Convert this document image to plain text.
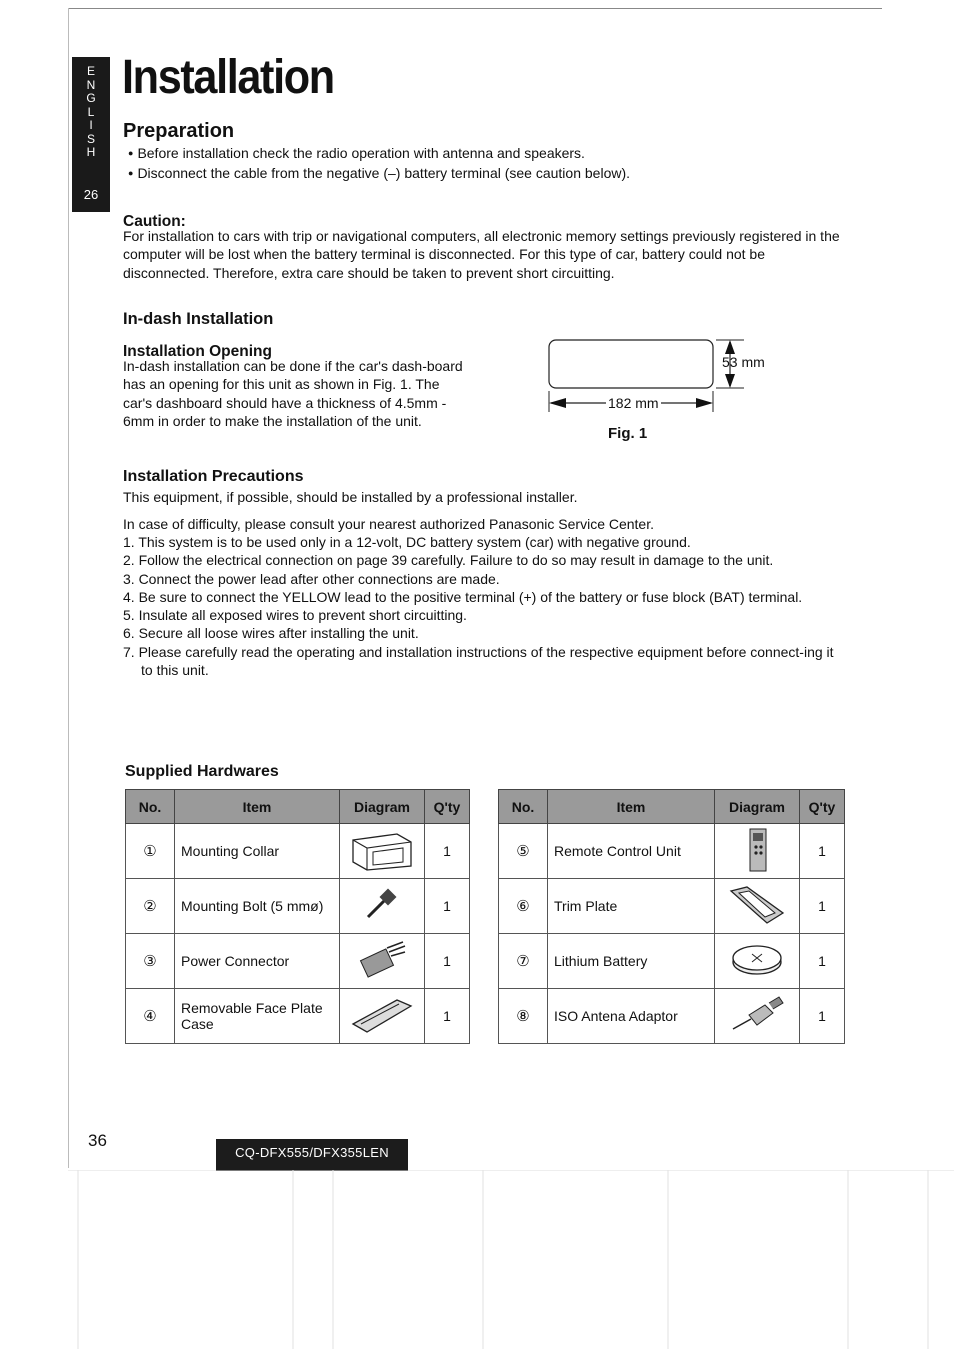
E
N
G
L
I
S
H
26
Installation
Preparation
● Before installation check the radio operation with antenna and speakers.
● Disconnect the cable from the negative (–) battery terminal (see caution below).
Caution:

For installation to cars with trip or navigational computers, all electronic memory settings previously registered in the computer will be lost when the battery terminal is disconnected. For this type of car, battery could not be disconnected. Therefore, extra care should be taken to prevent short circuitting.

In-dash Installation
Installation Opening

In-dash installation can be done if the car's dash-board has an opening for this unit as shown in Fig. 1. The car's dashboard should have a thickness of 4.5mm - 6mm in order to make the installation of the unit.

53 mm
182 mm
Fig. 1
Installation Precautions

This equipment, if possible, should be installed by a professional installer.

In case of difficulty, please consult your nearest authorized Panasonic Service Center.

1. This system is to be used only in a 12-volt, DC battery system (car) with negative ground.
2. Follow the electrical connection on page 39 carefully. Failure to do so may result in damage to the unit.
3. Connect the power lead after other connections are made.
4. Be sure to connect the YELLOW lead to the positive terminal (+) of the battery or fuse block (BAT) terminal.
5. Insulate all exposed wires to prevent short circuitting.
6. Secure all loose wires after installing the unit.
7. Please carefully read the operating and installation instructions of the respective equipment before connect-ing it to this unit.
Supplied Hardwares
No.	Item	Diagram	Q'ty
①	Mounting Collar		1
②	Mounting Bolt (5 mmø)		1
③	Power Connector		1
④	Removable Face Plate Case		1
No.	Item	Diagram	Q'ty
⑤	Remote Control Unit		1
⑥	Trim Plate		1
⑦	Lithium Battery		1
⑧	ISO Antena Adaptor		1
36
CQ-DFX555/DFX355LEN
